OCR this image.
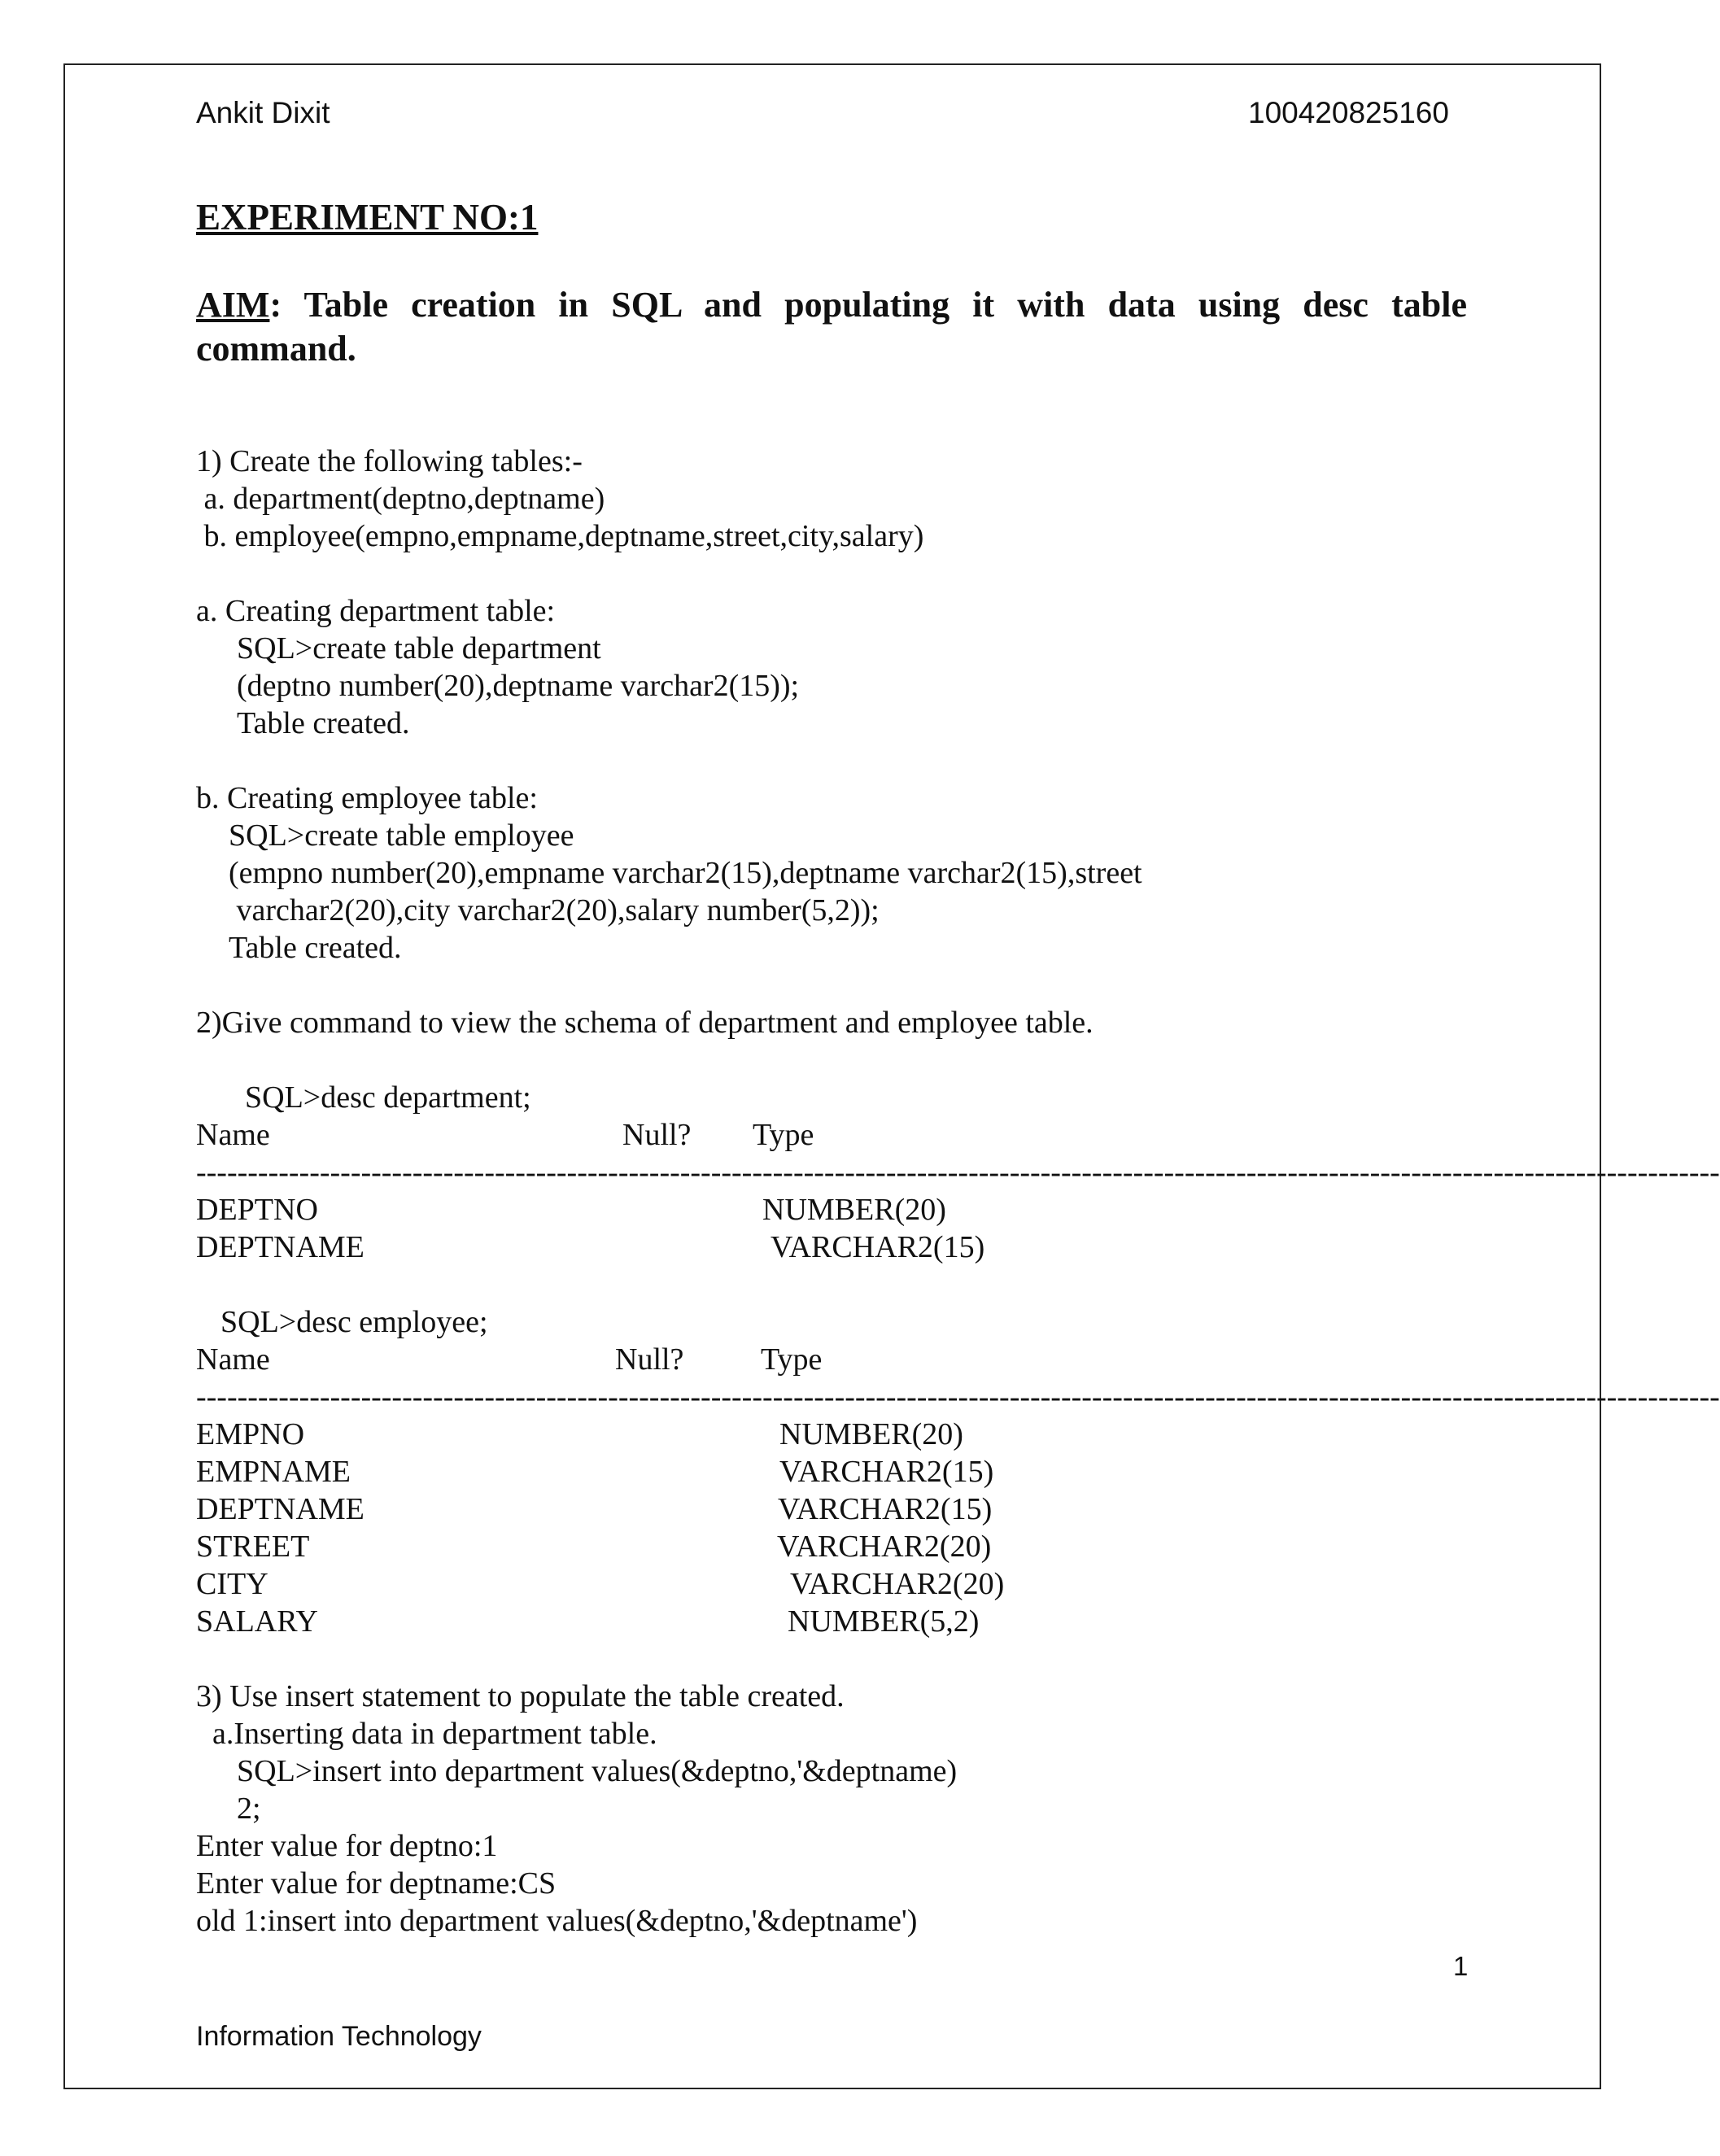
Ankit Dixit	100420825160
EXPERIMENT NO:1
AIM: Table creation in SQL and populating it with data using desc table command.
1) Create the following tables:-
a. department(deptno,deptname)
b. employee(empno,empname,deptname,street,city,salary)
a. Creating department table:
SQL>create table department
(deptno number(20),deptname varchar2(15));
Table created.
b. Creating employee table:
SQL>create table employee
(empno number(20),empname varchar2(15),deptname varchar2(15),street
varchar2(20),city varchar2(20),salary number(5,2));
Table created.
2)Give command to view the schema of department and employee table.
SQL>desc department;
Name	Null? Type
----------------------------------------------------------------------------------------------------------------------------------------------------
DEPTNO	NUMBER(20)
DEPTNAME	VARCHAR2(15)
SQL>desc employee;
Name	Null? Type
----------------------------------------------------------------------------------------------------------------------------------------------------
EMPNO	NUMBER(20)
EMPNAME	VARCHAR2(15)
DEPTNAME	VARCHAR2(15)
STREET	VARCHAR2(20)
CITY	VARCHAR2(20)
SALARY	NUMBER(5,2)
3) Use insert statement to populate the table created.
a.Inserting data in department table.
SQL>insert into department values(&deptno,'&deptname)
2;
Enter value for deptno:1
Enter value for deptname:CS
old 1:insert into department values(&deptno,'&deptname')
1
Information Technology
